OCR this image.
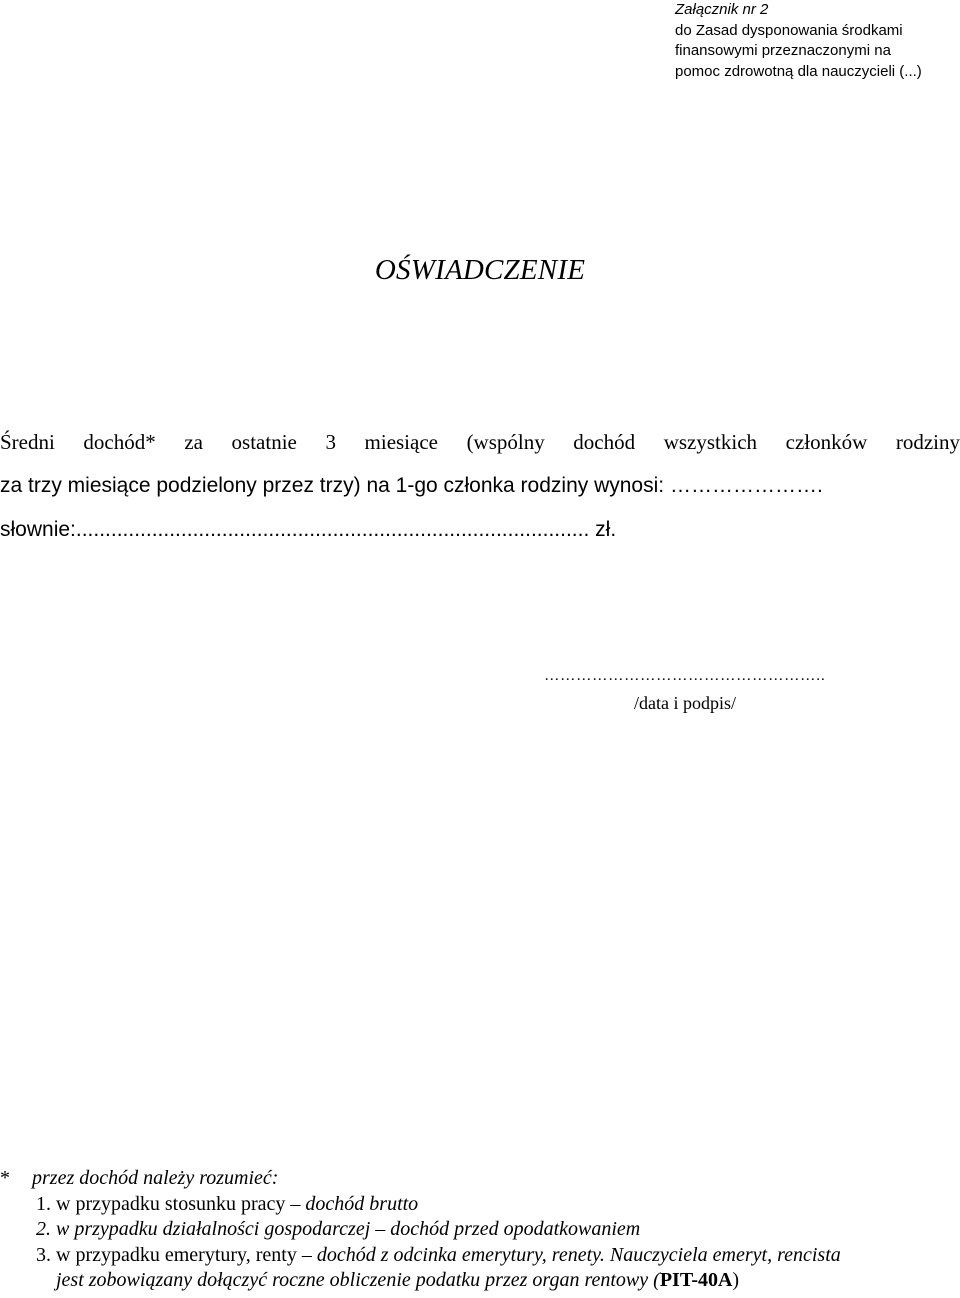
Załącznik nr 2
do Zasad dysponowania środkami
finansowymi przeznaczonymi na
pomoc zdrowotną dla nauczycieli (...)
OŚWIADCZENIE
Średni dochód* za ostatnie 3 miesiące (wspólny dochód wszystkich członków rodziny
za trzy miesiące podzielony przez trzy) na 1-go członka rodziny wynosi: ………………….
słownie:........................................................................................ zł.
……………………………………………..
/data i podpis/
* przez dochód należy rozumieć:
1. w przypadku stosunku pracy – dochód brutto
2. w przypadku działalności gospodarczej – dochód przed opodatkowaniem
3. w przypadku emerytury, renty – dochód z odcinka emerytury, renety. Nauczyciela emeryt, rencista
jest zobowiązany dołączyć roczne obliczenie podatku przez organ rentowy (PIT-40A)
